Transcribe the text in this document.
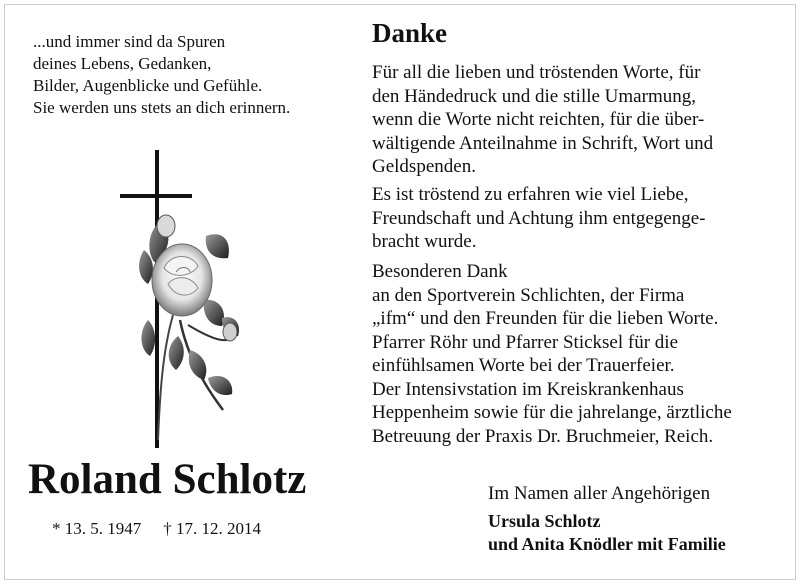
...und immer sind da Spuren
deines Lebens, Gedanken,
Bilder, Augenblicke und Gefühle.
Sie werden uns stets an dich erinnern.
Roland Schlotz
* 13. 5. 1947 † 17. 12. 2014
Danke
Für all die lieben und tröstenden Worte, für
den Händedruck und die stille Umarmung,
wenn die Worte nicht reichten, für die über-
wältigende Anteilnahme in Schrift, Wort und
Geldspenden.
Es ist tröstend zu erfahren wie viel Liebe,
Freundschaft und Achtung ihm entgegenge-
bracht wurde.
Besonderen Dank
an den Sportverein Schlichten, der Firma
„ifm“ und den Freunden für die lieben Worte.
Pfarrer Röhr und Pfarrer Sticksel für die
einfühlsamen Worte bei der Trauerfeier.
Der Intensivstation im Kreiskrankenhaus
Heppenheim sowie für die jahrelange, ärztliche
Betreuung der Praxis Dr. Bruchmeier, Reich.
Im Namen aller Angehörigen
Ursula Schlotz
und Anita Knödler mit Familie
